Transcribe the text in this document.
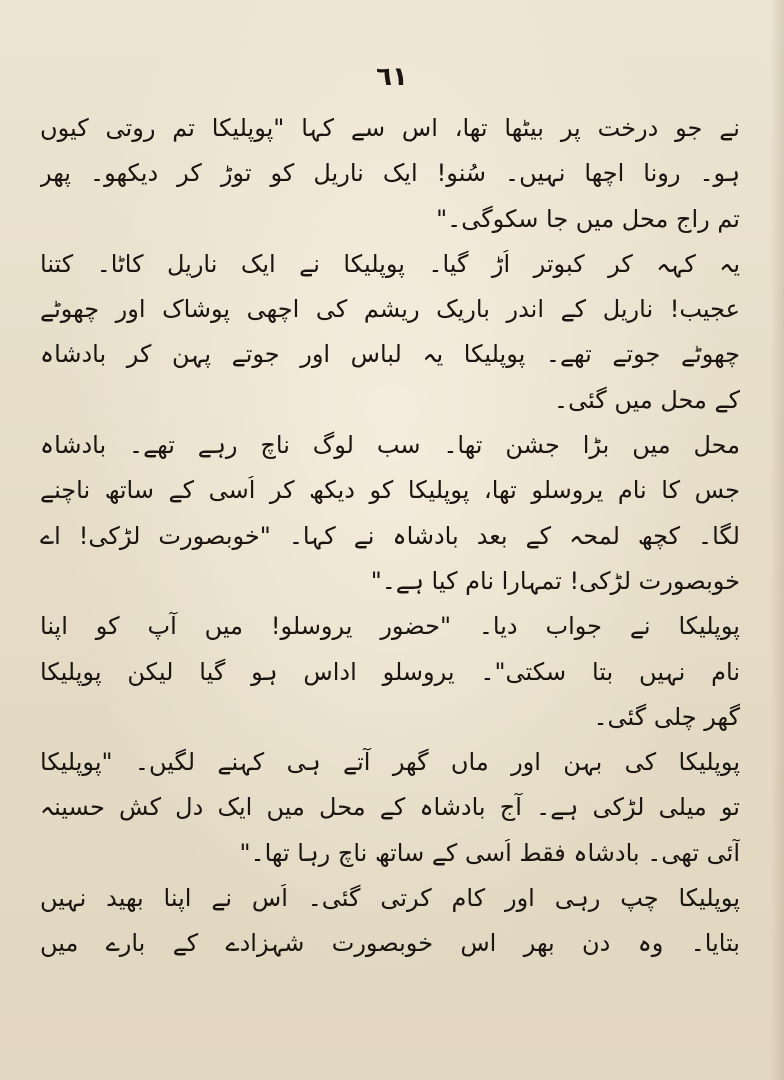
٦١
نے جو درخت پر بیٹھا تھا، اس سے کہا "پوپلیکا تم روتی کیوں
ہو۔ رونا اچھا نہیں۔ سُنو! ایک ناریل کو توڑ کر دیکھو۔ پھر
تم راج محل میں جا سکوگی۔"
یہ کہہ کر کبوتر اُڑ گیا۔ پوپلیکا نے ایک ناریل کاٹا۔ کتنا
عجیب! ناریل کے اندر باریک ریشم کی اچھی پوشاک اور چھوٹے
چھوٹے جوتے تھے۔ پوپلیکا یہ لباس اور جوتے پہن کر بادشاہ
کے محل میں گئی۔
محل میں بڑا جشن تھا۔ سب لوگ ناچ رہے تھے۔ بادشاہ
جس کا نام یروسلو تھا، پوپلیکا کو دیکھ کر اُسی کے ساتھ ناچنے
لگا۔ کچھ لمحہ کے بعد بادشاہ نے کہا۔ "خوبصورت لڑکی! اے
خوبصورت لڑکی! تمہارا نام کیا ہے۔"
پوپلیکا نے جواب دیا۔ "حضور یروسلو! میں آپ کو اپنا
نام نہیں بتا سکتی"۔ یروسلو اداس ہو گیا لیکن پوپلیکا
گھر چلی گئی۔
پوپلیکا کی بہن اور ماں گھر آتے ہی کہنے لگیں۔ "پوپلیکا
تو میلی لڑکی ہے۔ آج بادشاہ کے محل میں ایک دل کش حسینہ
آئی تھی۔ بادشاہ فقط اُسی کے ساتھ ناچ رہا تھا۔"
پوپلیکا چپ رہی اور کام کرتی گئی۔ اُس نے اپنا بھید نہیں
بتایا۔ وہ دن بھر اس خوبصورت شہزادے کے بارے میں
